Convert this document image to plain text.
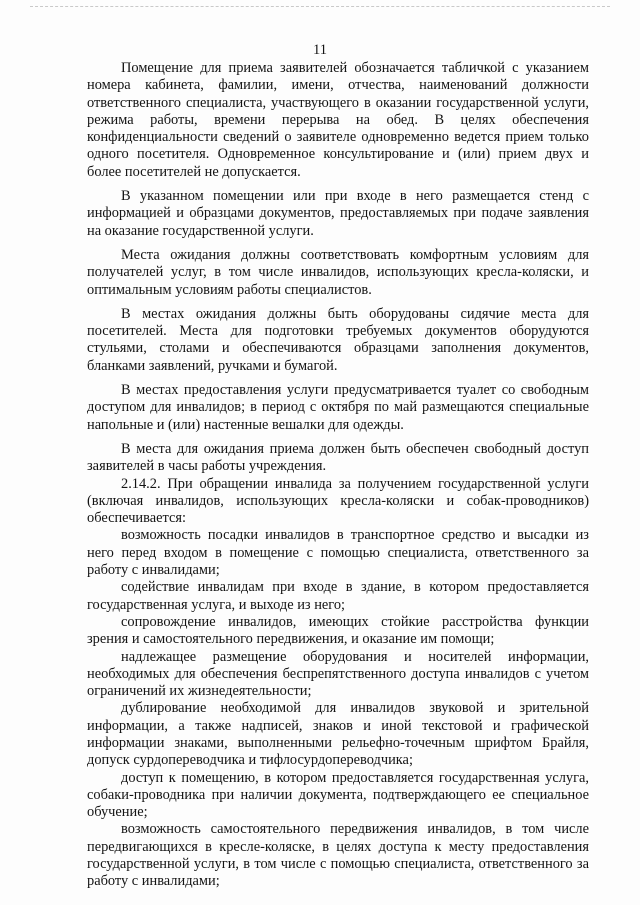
11

Помещение для приема заявителей обозначается табличкой с указанием номера кабинета, фамилии, имени, отчества, наименований должности ответственного специалиста, участвующего в оказании государственной услуги, режима работы, времени перерыва на обед. В целях обеспечения конфиденциальности сведений о заявителе одновременно ведется прием только одного посетителя. Одновременное консультирование и (или) прием двух и более посетителей не допускается.

В указанном помещении или при входе в него размещается стенд с информацией и образцами документов, предоставляемых при подаче заявления на оказание государственной услуги.

Места ожидания должны соответствовать комфортным условиям для получателей услуг, в том числе инвалидов, использующих кресла-коляски, и оптимальным условиям работы специалистов.

В местах ожидания должны быть оборудованы сидячие места для посетителей. Места для подготовки требуемых документов оборудуются стульями, столами и обеспечиваются образцами заполнения документов, бланками заявлений, ручками и бумагой.

В местах предоставления услуги предусматривается туалет со свободным доступом для инвалидов; в период с октября по май размещаются специальные напольные и (или) настенные вешалки для одежды.

В места для ожидания приема должен быть обеспечен свободный доступ заявителей в часы работы учреждения.

2.14.2. При обращении инвалида за получением государственной услуги (включая инвалидов, использующих кресла-коляски и собак-проводников) обеспечивается:

возможность посадки инвалидов в транспортное средство и высадки из него перед входом в помещение с помощью специалиста, ответственного за работу с инвалидами;

содействие инвалидам при входе в здание, в котором предоставляется государственная услуга, и выходе из него;

сопровождение инвалидов, имеющих стойкие расстройства функции зрения и самостоятельного передвижения, и оказание им помощи;

надлежащее размещение оборудования и носителей информации, необходимых для обеспечения беспрепятственного доступа инвалидов с учетом ограничений их жизнедеятельности;

дублирование необходимой для инвалидов звуковой и зрительной информации, а также надписей, знаков и иной текстовой и графической информации знаками, выполненными рельефно-точечным шрифтом Брайля, допуск сурдопереводчика и тифлосурдопереводчика;

доступ к помещению, в котором предоставляется государственная услуга, собаки-проводника при наличии документа, подтверждающего ее специальное обучение;

возможность самостоятельного передвижения инвалидов, в том числе передвигающихся в кресле-коляске, в целях доступа к месту предоставления государственной услуги, в том числе с помощью специалиста, ответственного за работу с инвалидами;
